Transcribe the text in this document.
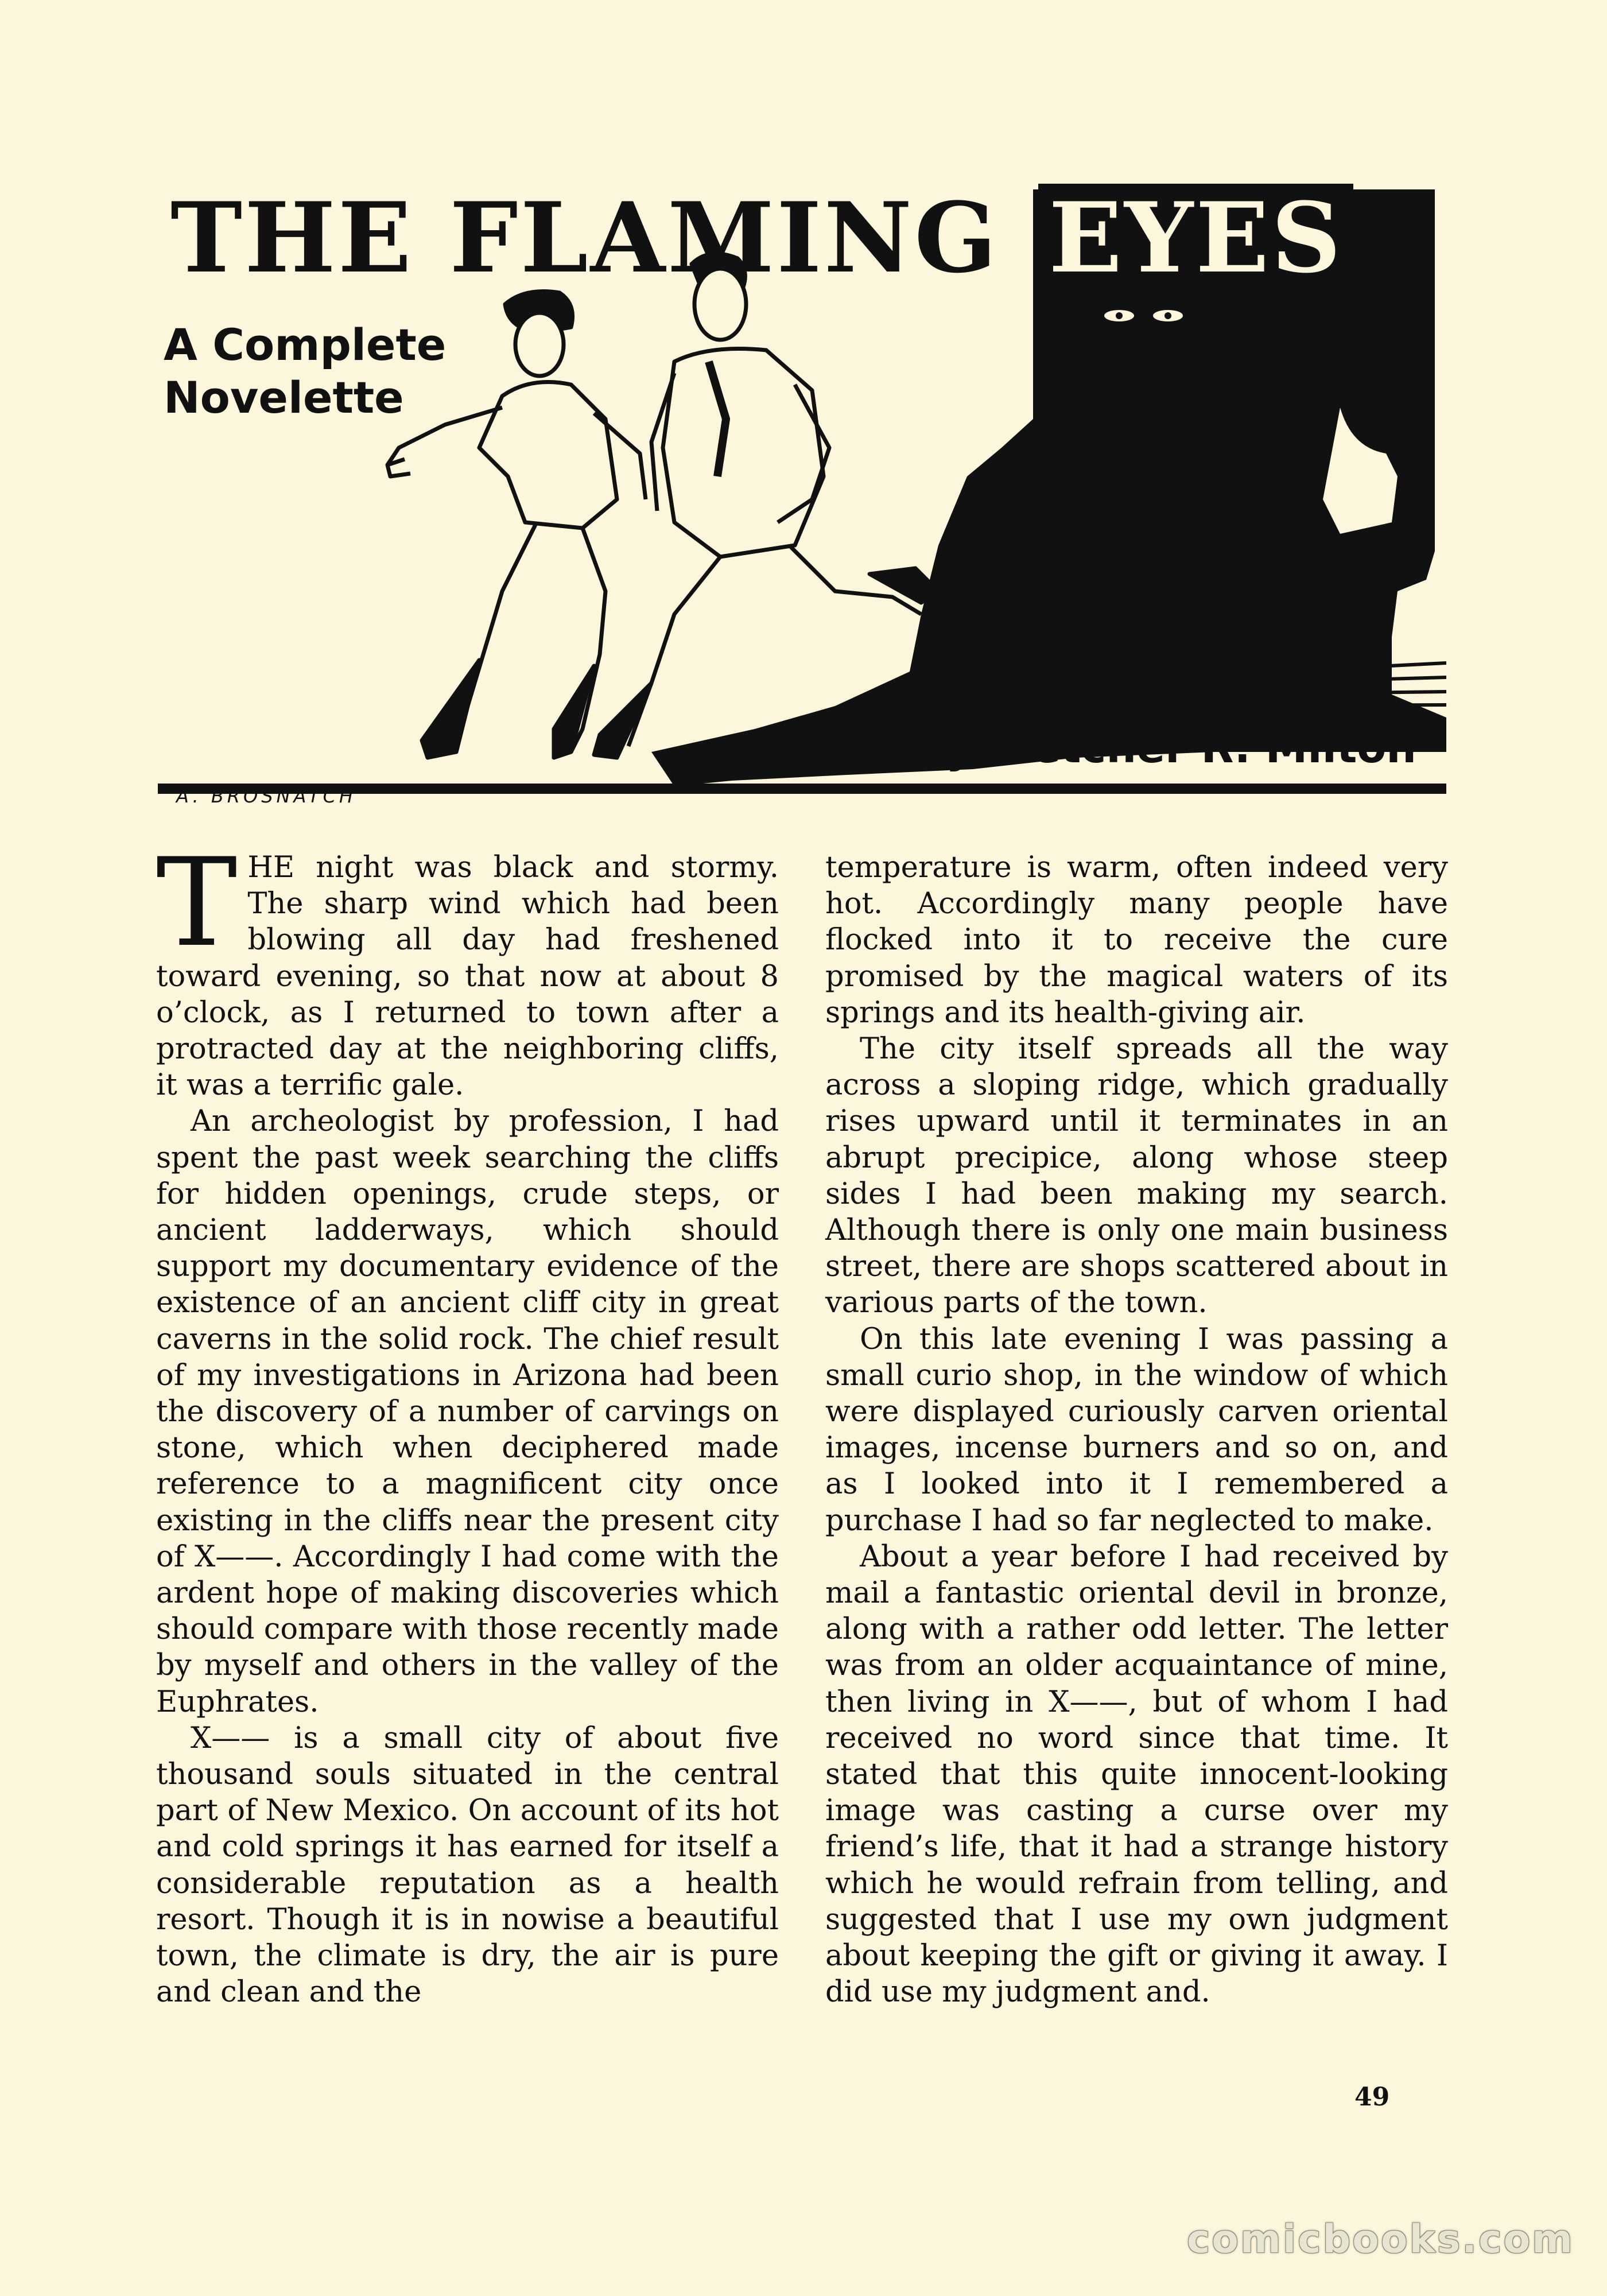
THE FLAMING EYES
A Complete
Novelette
by Fletcher R. Milton
A. BROSNATCH

THE night was black and stormy. The sharp wind which had been blowing all day had freshened toward evening, so that now at about 8 o’clock, as I returned to town after a protracted day at the neighboring cliffs, it was a terrific gale.

An archeologist by profession, I had spent the past week searching the cliffs for hidden openings, crude steps, or ancient ladderways, which should support my documentary evidence of the existence of an ancient cliff city in great caverns in the solid rock. The chief result of my investigations in Arizona had been the discovery of a number of carvings on stone, which when deciphered made reference to a magnificent city once existing in the cliffs near the present city of X——. Accordingly I had come with the ardent hope of making discoveries which should compare with those recently made by myself and others in the valley of the Euphrates.

X—— is a small city of about five thousand souls situated in the central part of New Mexico. On account of its hot and cold springs it has earned for itself a considerable reputation as a health resort. Though it is in nowise a beautiful town, the climate is dry, the air is pure and clean and the

temperature is warm, often indeed very hot. Accordingly many people have flocked into it to receive the cure promised by the magical waters of its springs and its health-giving air.

The city itself spreads all the way across a sloping ridge, which gradually rises upward until it terminates in an abrupt precipice, along whose steep sides I had been making my search. Although there is only one main business street, there are shops scattered about in various parts of the town.

On this late evening I was passing a small curio shop, in the window of which were displayed curiously carven oriental images, incense burners and so on, and as I looked into it I remembered a purchase I had so far neglected to make.

About a year before I had received by mail a fantastic oriental devil in bronze, along with a rather odd letter. The letter was from an older acquaintance of mine, then living in X——, but of whom I had received no word since that time. It stated that this quite innocent-looking image was casting a curse over my friend’s life, that it had a strange history which he would refrain from telling, and suggested that I use my own judgment about keeping the gift or giving it away. I did use my judgment and.

49
comicbooks.com
